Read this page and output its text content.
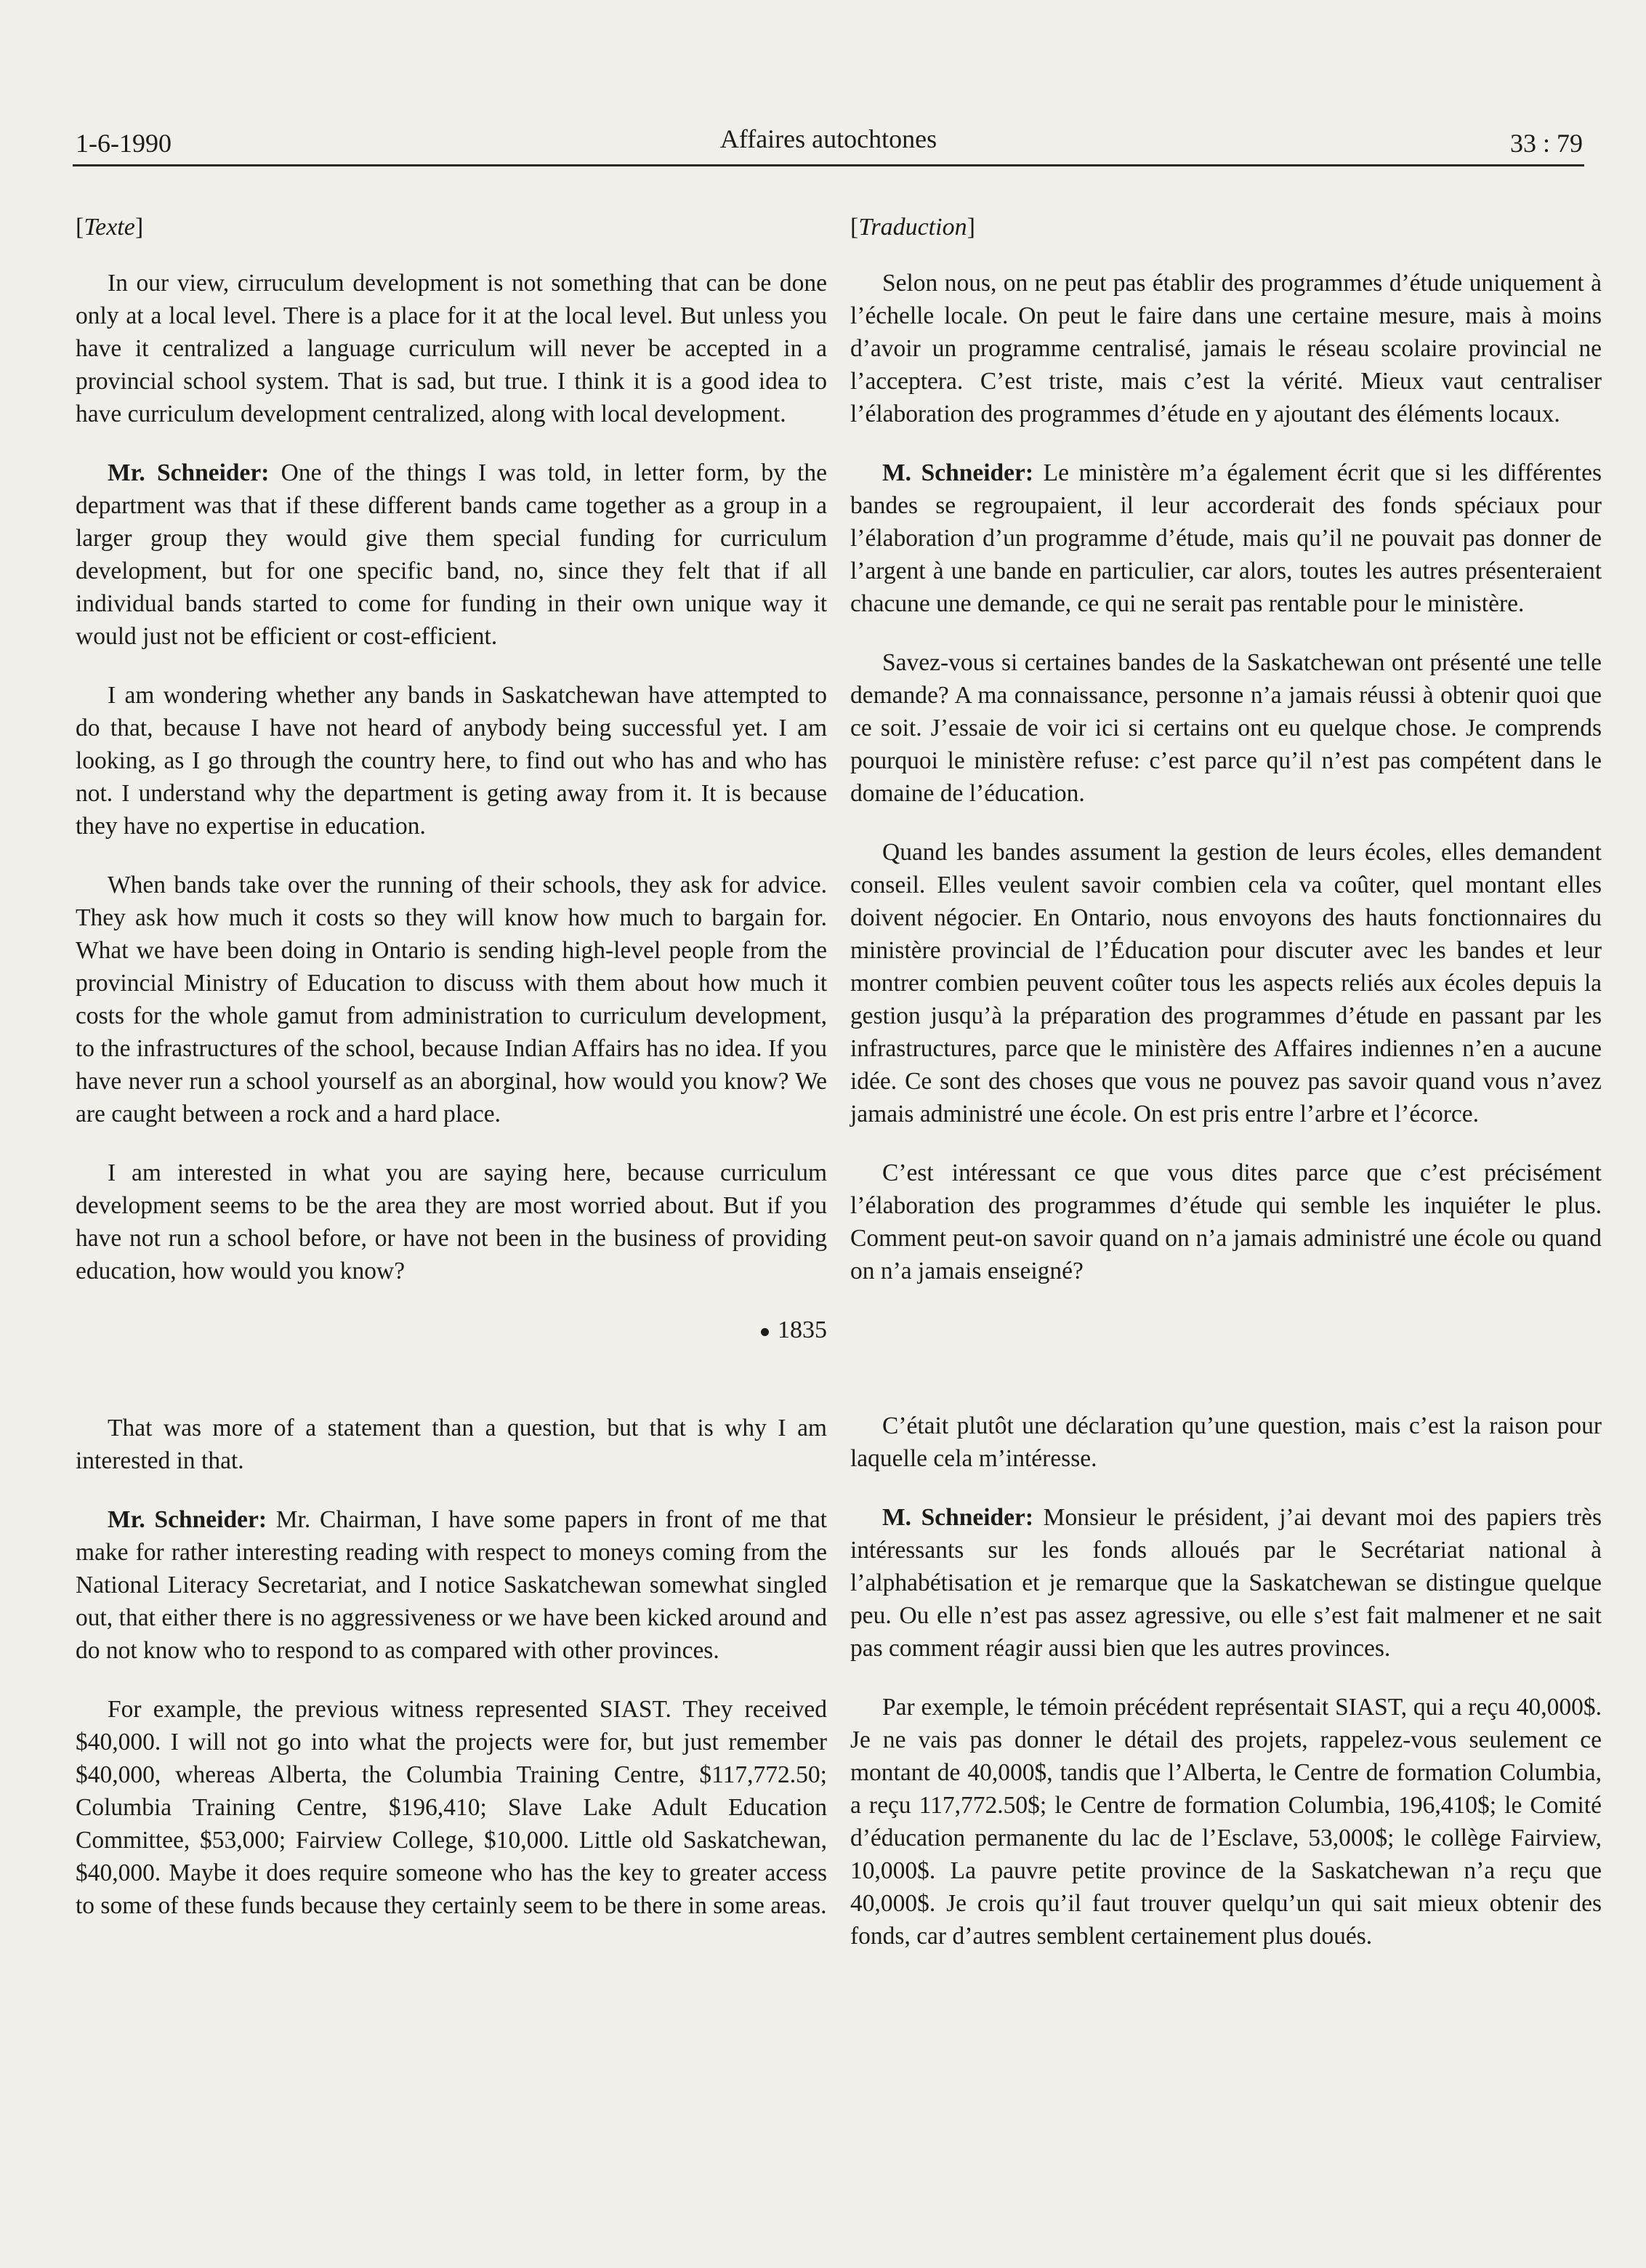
1-6-1990	Affaires autochtones	33 : 79
[Texte]

In our view, cirruculum development is not something that can be done only at a local level. There is a place for it at the local level. But unless you have it centralized a language curriculum will never be accepted in a provincial school system. That is sad, but true. I think it is a good idea to have curriculum development centralized, along with local development.

Mr. Schneider: One of the things I was told, in letter form, by the department was that if these different bands came together as a group in a larger group they would give them special funding for curriculum development, but for one specific band, no, since they felt that if all individual bands started to come for funding in their own unique way it would just not be efficient or cost-efficient.

I am wondering whether any bands in Saskatchewan have attempted to do that, because I have not heard of anybody being successful yet. I am looking, as I go through the country here, to find out who has and who has not. I understand why the department is geting away from it. It is because they have no expertise in education.

When bands take over the running of their schools, they ask for advice. They ask how much it costs so they will know how much to bargain for. What we have been doing in Ontario is sending high-level people from the provincial Ministry of Education to discuss with them about how much it costs for the whole gamut from administration to curriculum development, to the infrastructures of the school, because Indian Affairs has no idea. If you have never run a school yourself as an aborginal, how would you know? We are caught between a rock and a hard place.

I am interested in what you are saying here, because curriculum development seems to be the area they are most worried about. But if you have not run a school before, or have not been in the business of providing education, how would you know?

1835

That was more of a statement than a question, but that is why I am interested in that.

Mr. Schneider: Mr. Chairman, I have some papers in front of me that make for rather interesting reading with respect to moneys coming from the National Literacy Secretariat, and I notice Saskatchewan somewhat singled out, that either there is no aggressiveness or we have been kicked around and do not know who to respond to as compared with other provinces.

For example, the previous witness represented SIAST. They received $40,000. I will not go into what the projects were for, but just remember $40,000, whereas Alberta, the Columbia Training Centre, $117,772.50; Columbia Training Centre, $196,410; Slave Lake Adult Education Committee, $53,000; Fairview College, $10,000. Little old Saskatchewan, $40,000. Maybe it does require someone who has the key to greater access to some of these funds because they certainly seem to be there in some areas.

[Traduction]

Selon nous, on ne peut pas établir des programmes d’étude uniquement à l’échelle locale. On peut le faire dans une certaine mesure, mais à moins d’avoir un programme centralisé, jamais le réseau scolaire provincial ne l’acceptera. C’est triste, mais c’est la vérité. Mieux vaut centraliser l’élaboration des programmes d’étude en y ajoutant des éléments locaux.

M. Schneider: Le ministère m’a également écrit que si les différentes bandes se regroupaient, il leur accorderait des fonds spéciaux pour l’élaboration d’un programme d’étude, mais qu’il ne pouvait pas donner de l’argent à une bande en particulier, car alors, toutes les autres présenteraient chacune une demande, ce qui ne serait pas rentable pour le ministère.

Savez-vous si certaines bandes de la Saskatchewan ont présenté une telle demande? A ma connaissance, personne n’a jamais réussi à obtenir quoi que ce soit. J’essaie de voir ici si certains ont eu quelque chose. Je comprends pourquoi le ministère refuse: c’est parce qu’il n’est pas compétent dans le domaine de l’éducation.

Quand les bandes assument la gestion de leurs écoles, elles demandent conseil. Elles veulent savoir combien cela va coûter, quel montant elles doivent négocier. En Ontario, nous envoyons des hauts fonctionnaires du ministère provincial de l’Éducation pour discuter avec les bandes et leur montrer combien peuvent coûter tous les aspects reliés aux écoles depuis la gestion jusqu’à la préparation des programmes d’étude en passant par les infrastructures, parce que le ministère des Affaires indiennes n’en a aucune idée. Ce sont des choses que vous ne pouvez pas savoir quand vous n’avez jamais administré une école. On est pris entre l’arbre et l’écorce.

C’est intéressant ce que vous dites parce que c’est précisément l’élaboration des programmes d’étude qui semble les inquiéter le plus. Comment peut-on savoir quand on n’a jamais administré une école ou quand on n’a jamais enseigné?

C’était plutôt une déclaration qu’une question, mais c’est la raison pour laquelle cela m’intéresse.

M. Schneider: Monsieur le président, j’ai devant moi des papiers très intéressants sur les fonds alloués par le Secrétariat national à l’alphabétisation et je remarque que la Saskatchewan se distingue quelque peu. Ou elle n’est pas assez agressive, ou elle s’est fait malmener et ne sait pas comment réagir aussi bien que les autres provinces.

Par exemple, le témoin précédent représentait SIAST, qui a reçu 40,000$. Je ne vais pas donner le détail des projets, rappelez-vous seulement ce montant de 40,000$, tandis que l’Alberta, le Centre de formation Columbia, a reçu 117,772.50$; le Centre de formation Columbia, 196,410$; le Comité d’éducation permanente du lac de l’Esclave, 53,000$; le collège Fairview, 10,000$. La pauvre petite province de la Saskatchewan n’a reçu que 40,000$. Je crois qu’il faut trouver quelqu’un qui sait mieux obtenir des fonds, car d’autres semblent certainement plus doués.
